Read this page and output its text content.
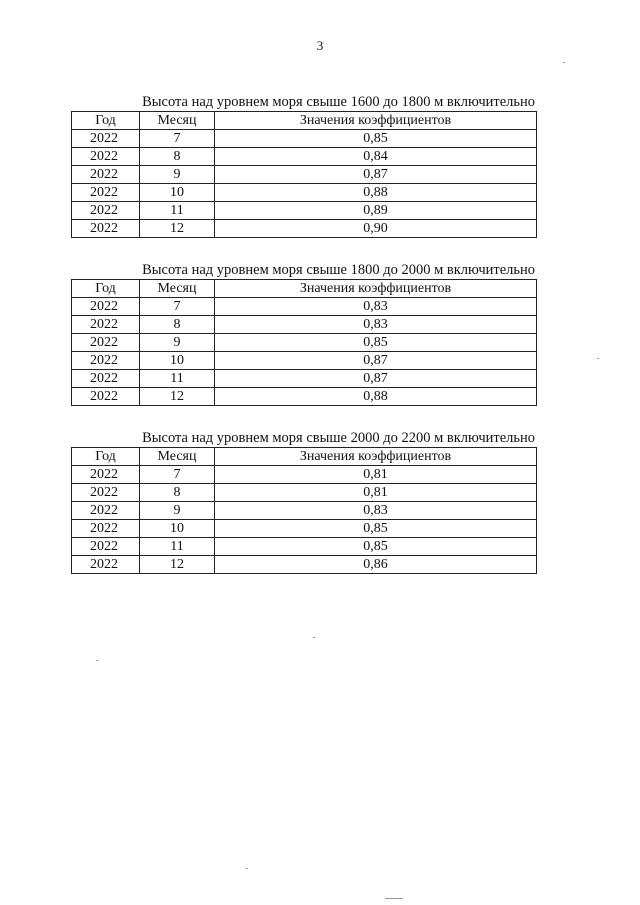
3

Высота над уровнем моря свыше 1600 до 1800 м включительно

Год	Месяц	Значения коэффициентов
2022	7	0,85
2022	8	0,84
2022	9	0,87
2022	10	0,88
2022	11	0,89
2022	12	0,90

Высота над уровнем моря свыше 1800 до 2000 м включительно

Год	Месяц	Значения коэффициентов
2022	7	0,83
2022	8	0,83
2022	9	0,85
2022	10	0,87
2022	11	0,87
2022	12	0,88

Высота над уровнем моря свыше 2000 до 2200 м включительно

Год	Месяц	Значения коэффициентов
2022	7	0,81
2022	8	0,81
2022	9	0,83
2022	10	0,85
2022	11	0,85
2022	12	0,86
